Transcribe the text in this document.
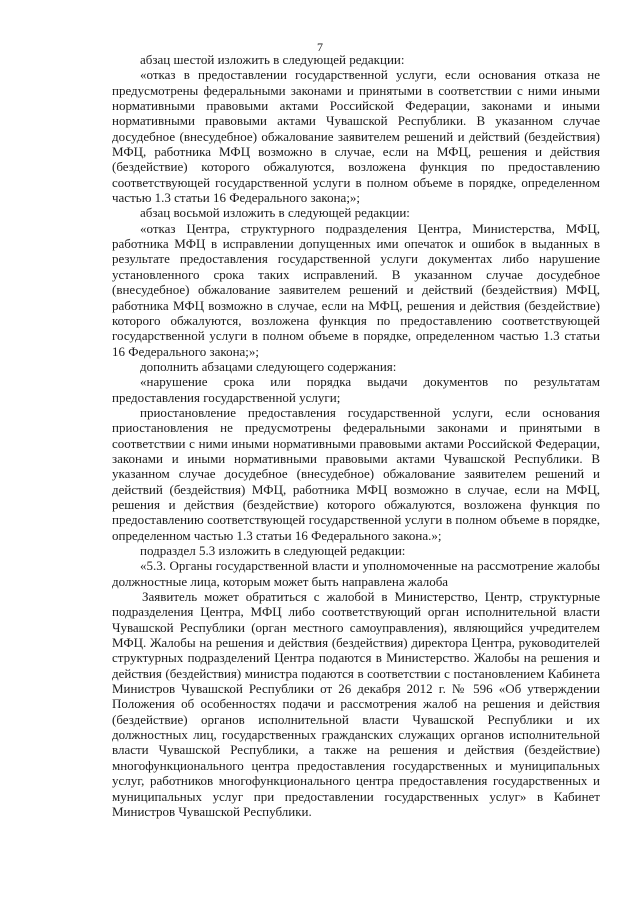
7

абзац шестой изложить в следующей редакции:

«отказ в предоставлении государственной услуги, если основания отказа не предусмотрены федеральными законами и принятыми в соответствии с ними иными нормативными правовыми актами Российской Федерации, законами и иными нормативными правовыми актами Чувашской Республики. В указанном случае досудебное (внесудебное) обжалование заявителем решений и действий (бездействия) МФЦ, работника МФЦ возможно в случае, если на МФЦ, решения и действия (бездействие) которого обжалуются, возложена функция по предоставлению соответствующей государственной услуги в полном объеме в порядке, определенном частью 1.3 статьи 16 Федерального закона;»;

абзац восьмой изложить в следующей редакции:

«отказ Центра, структурного подразделения Центра, Министерства, МФЦ, работника МФЦ в исправлении допущенных ими опечаток и ошибок в выданных в результате предоставления государственной услуги документах либо нарушение установленного срока таких исправлений. В указанном случае досудебное (внесудебное) обжалование заявителем решений и действий (бездействия) МФЦ, работника МФЦ возможно в случае, если на МФЦ, решения и действия (бездействие) которого обжалуются, возложена функция по предоставлению соответствующей государственной услуги в полном объеме в порядке, определенном частью 1.3 статьи 16 Федерального закона;»;

дополнить абзацами следующего содержания:

«нарушение срока или порядка выдачи документов по результатам предоставления государственной услуги;

приостановление предоставления государственной услуги, если основания приостановления не предусмотрены федеральными законами и принятыми в соответствии с ними иными нормативными правовыми актами Российской Федерации, законами и иными нормативными правовыми актами Чувашской Республики. В указанном случае досудебное (внесудебное) обжалование заявителем решений и действий (бездействия) МФЦ, работника МФЦ возможно в случае, если на МФЦ, решения и действия (бездействие) которого обжалуются, возложена функция по предоставлению соответствующей государственной услуги в полном объеме в порядке, определенном частью 1.3 статьи 16 Федерального закона.»;

подраздел 5.3 изложить в следующей редакции:

«5.3. Органы государственной власти и уполномоченные на рассмотрение жалобы должностные лица, которым может быть направлена жалоба

Заявитель может обратиться с жалобой в Министерство, Центр, структурные подразделения Центра, МФЦ либо соответствующий орган исполнительной власти Чувашской Республики (орган местного самоуправления), являющийся учредителем МФЦ. Жалобы на решения и действия (бездействия) директора Центра, руководителей структурных подразделений Центра подаются в Министерство. Жалобы на решения и действия (бездействия) министра подаются в соответствии с постановлением Кабинета Министров Чувашской Республики от 26 декабря 2012 г. № 596 «Об утверждении Положения об особенностях подачи и рассмотрения жалоб на решения и действия (бездействие) органов исполнительной власти Чувашской Республики и их должностных лиц, государственных гражданских служащих органов исполнительной власти Чувашской Республики, а также на решения и действия (бездействие) многофункционального центра предоставления государственных и муниципальных услуг, работников многофункционального центра предоставления государственных и муниципальных услуг при предоставлении государственных услуг» в Кабинет Министров Чувашской Республики.
